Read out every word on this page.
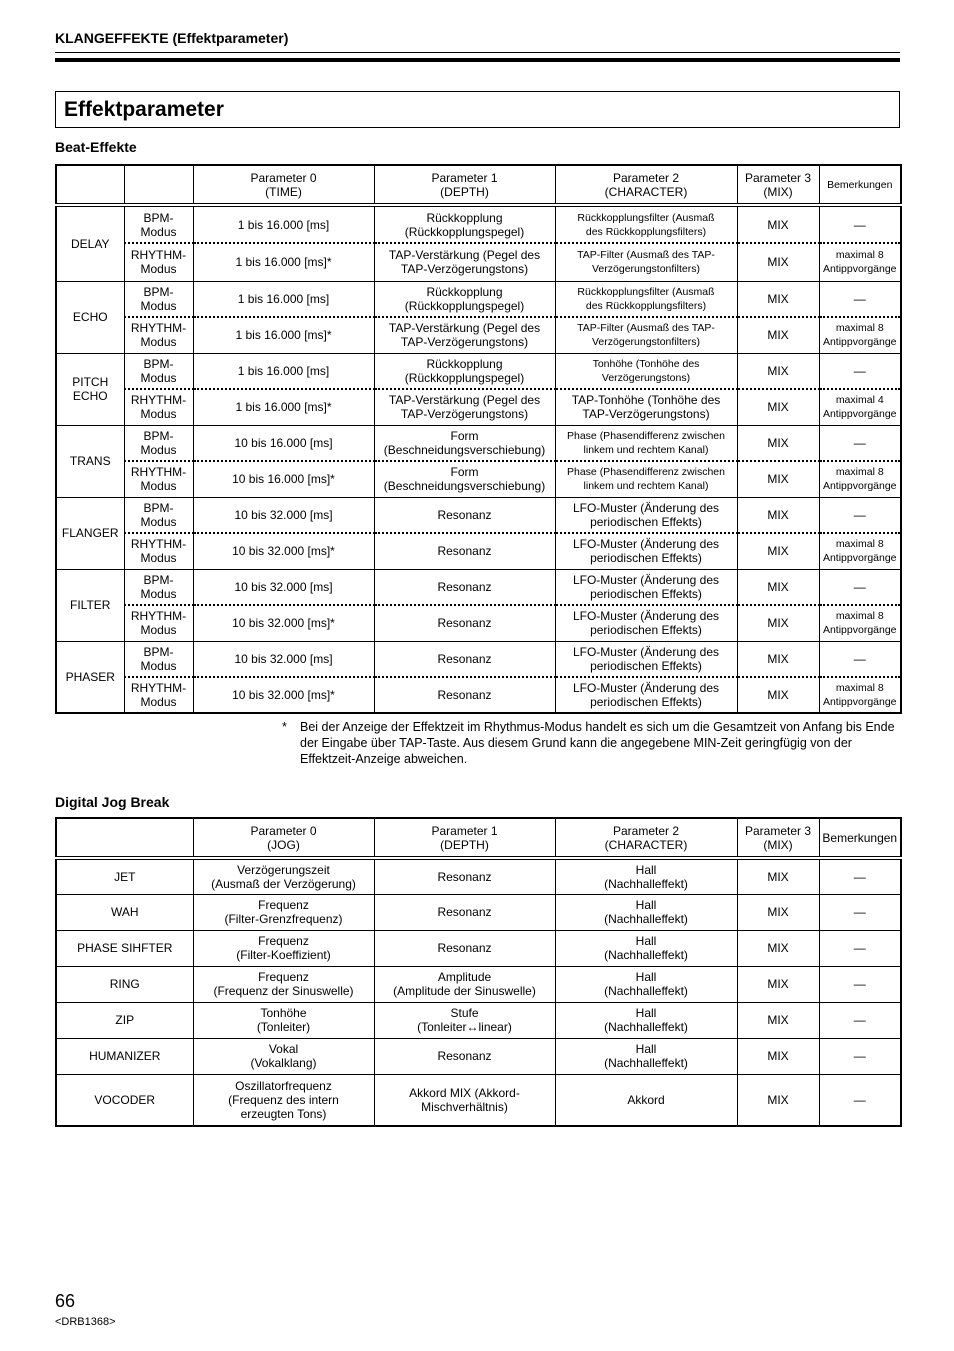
KLANGEFFEKTE (Effektparameter)
Effektparameter
Beat-Effekte
		Parameter 0
(TIME)	Parameter 1
(DEPTH)	Parameter 2
(CHARACTER)	Parameter 3
(MIX)	Bemerkungen
DELAY	BPM-
Modus	1 bis 16.000 [ms]	Rückkopplung
(Rückkopplungspegel)	Rückkopplungsfilter (Ausmaß
des Rückkopplungsfilters)	MIX	—
	RHYTHM-
Modus	1 bis 16.000 [ms]*	TAP-Verstärkung (Pegel des
TAP-Verzögerungstons)	TAP-Filter (Ausmaß des TAP-
Verzögerungstonfilters)	MIX	maximal 8
Antippvorgänge
ECHO	BPM-
Modus	1 bis 16.000 [ms]	Rückkopplung
(Rückkopplungspegel)	Rückkopplungsfilter (Ausmaß
des Rückkopplungsfilters)	MIX	—
	RHYTHM-
Modus	1 bis 16.000 [ms]*	TAP-Verstärkung (Pegel des
TAP-Verzögerungstons)	TAP-Filter (Ausmaß des TAP-
Verzögerungstonfilters)	MIX	maximal 8
Antippvorgänge
PITCH
ECHO	BPM-
Modus	1 bis 16.000 [ms]	Rückkopplung
(Rückkopplungspegel)	Tonhöhe (Tonhöhe des
Verzögerungstons)	MIX	—
	RHYTHM-
Modus	1 bis 16.000 [ms]*	TAP-Verstärkung (Pegel des
TAP-Verzögerungstons)	TAP-Tonhöhe (Tonhöhe des
TAP-Verzögerungstons)	MIX	maximal 4
Antippvorgänge
TRANS	BPM-
Modus	10 bis 16.000 [ms]	Form
(Beschneidungsverschiebung)	Phase (Phasendifferenz zwischen
linkem und rechtem Kanal)	MIX	—
	RHYTHM-
Modus	10 bis 16.000 [ms]*	Form
(Beschneidungsverschiebung)	Phase (Phasendifferenz zwischen
linkem und rechtem Kanal)	MIX	maximal 8
Antippvorgänge
FLANGER	BPM-
Modus	10 bis 32.000 [ms]	Resonanz	LFO-Muster (Änderung des
periodischen Effekts)	MIX	—
	RHYTHM-
Modus	10 bis 32.000 [ms]*	Resonanz	LFO-Muster (Änderung des
periodischen Effekts)	MIX	maximal 8
Antippvorgänge
FILTER	BPM-
Modus	10 bis 32.000 [ms]	Resonanz	LFO-Muster (Änderung des
periodischen Effekts)	MIX	—
	RHYTHM-
Modus	10 bis 32.000 [ms]*	Resonanz	LFO-Muster (Änderung des
periodischen Effekts)	MIX	maximal 8
Antippvorgänge
PHASER	BPM-
Modus	10 bis 32.000 [ms]	Resonanz	LFO-Muster (Änderung des
periodischen Effekts)	MIX	—
	RHYTHM-
Modus	10 bis 32.000 [ms]*	Resonanz	LFO-Muster (Änderung des
periodischen Effekts)	MIX	maximal 8
Antippvorgänge
* Bei der Anzeige der Effektzeit im Rhythmus-Modus handelt es sich um die Gesamtzeit von Anfang bis Ende der Eingabe über TAP-Taste. Aus diesem Grund kann die angegebene MIN-Zeit geringfügig von der Effektzeit-Anzeige abweichen.
Digital Jog Break
	Parameter 0
(JOG)	Parameter 1
(DEPTH)	Parameter 2
(CHARACTER)	Parameter 3
(MIX)	Bemerkungen
JET	Verzögerungszeit
(Ausmaß der Verzögerung)	Resonanz	Hall
(Nachhalleffekt)	MIX	—
WAH	Frequenz
(Filter-Grenzfrequenz)	Resonanz	Hall
(Nachhalleffekt)	MIX	—
PHASE SIHFTER	Frequenz
(Filter-Koeffizient)	Resonanz	Hall
(Nachhalleffekt)	MIX	—
RING	Frequenz
(Frequenz der Sinuswelle)	Amplitude
(Amplitude der Sinuswelle)	Hall
(Nachhalleffekt)	MIX	—
ZIP	Tonhöhe
(Tonleiter)	Stufe
(Tonleiter↔linear)	Hall
(Nachhalleffekt)	MIX	—
HUMANIZER	Vokal
(Vokalklang)	Resonanz	Hall
(Nachhalleffekt)	MIX	—
VOCODER	Oszillatorfrequenz
(Frequenz des intern
erzeugten Tons)	Akkord MIX (Akkord-
Mischverhältnis)	Akkord	MIX	—
66
<DRB1368>
